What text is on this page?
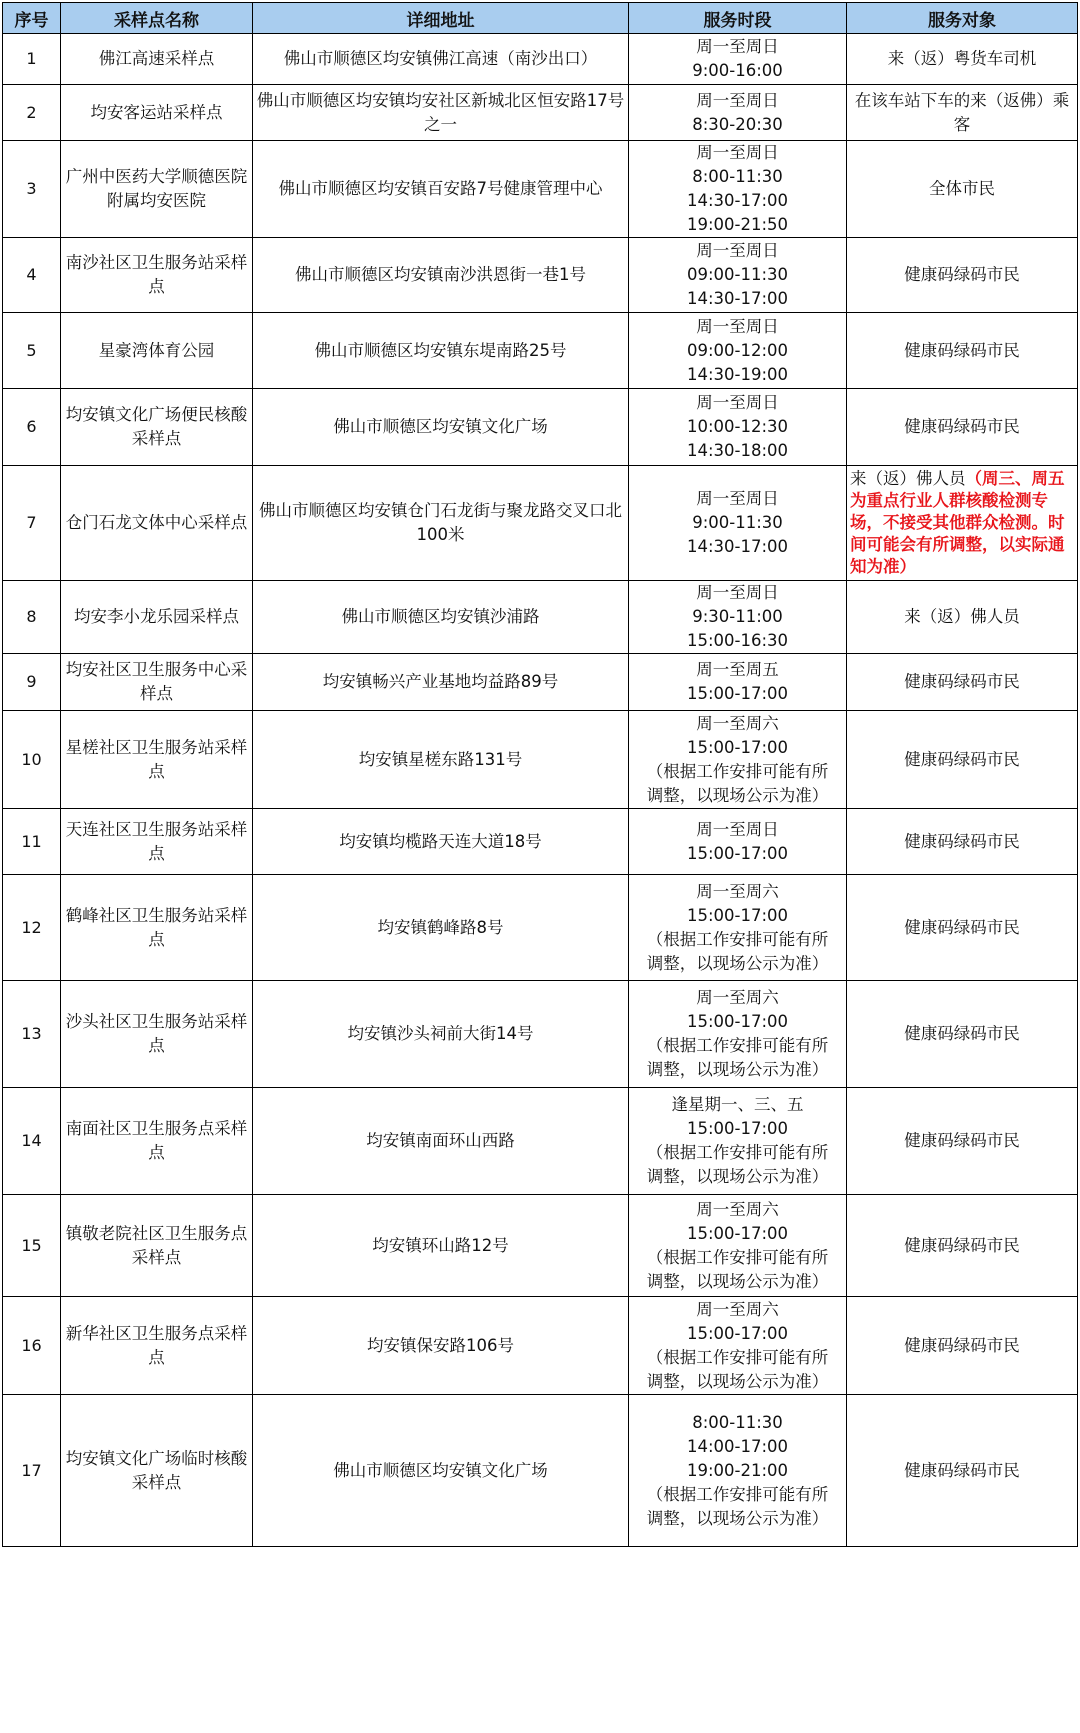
序号	采样点名称	详细地址	服务时段	服务对象
1	佛江高速采样点	佛山市顺德区均安镇佛江高速（南沙出口）	周一至周日
9:00-16:00	来（返）粤货车司机

2	均安客运站采样点	佛山市顺德区均安镇均安社区新城北区恒安路17号之一	周一至周日
8:30-20:30	在该车站下车的来（返佛）乘客

3	广州中医药大学顺德医院附属均安医院	佛山市顺德区均安镇百安路7号健康管理中心	周一至周日
8:00-11:30
14:30-17:00
19:00-21:50	全体市民

4	南沙社区卫生服务站采样点	佛山市顺德区均安镇南沙洪恩街一巷1号	周一至周日
09:00-11:30
14:30-17:00	健康码绿码市民

5	星豪湾体育公园	佛山市顺德区均安镇东堤南路25号	周一至周日
09:00-12:00
14:30-19:00	健康码绿码市民

6	均安镇文化广场便民核酸采样点	佛山市顺德区均安镇文化广场	周一至周日
10:00-12:30
14:30-18:00	健康码绿码市民

7	仓门石龙文体中心采样点	佛山市顺德区均安镇仓门石龙街与聚龙路交叉口北100米	周一至周日
9:00-11:30
14:30-17:00	来（返）佛人员（周三、周五为重点行业人群核酸检测专场，不接受其他群众检测。时间可能会有所调整，以实际通知为准）

8	均安李小龙乐园采样点	佛山市顺德区均安镇沙浦路	周一至周日
9:30-11:00
15:00-16:30	来（返）佛人员

9	均安社区卫生服务中心采样点	均安镇畅兴产业基地均益路89号	周一至周五
15:00-17:00	健康码绿码市民

10	星槎社区卫生服务站采样点	均安镇星槎东路131号	周一至周六
15:00-17:00
（根据工作安排可能有所
调整，以现场公示为准）	健康码绿码市民

11	天连社区卫生服务站采样点	均安镇均榄路天连大道18号	周一至周日
15:00-17:00	健康码绿码市民

12	鹤峰社区卫生服务站采样点	均安镇鹤峰路8号	周一至周六
15:00-17:00
（根据工作安排可能有所
调整，以现场公示为准）	健康码绿码市民

13	沙头社区卫生服务站采样点	均安镇沙头祠前大街14号	周一至周六
15:00-17:00
（根据工作安排可能有所
调整，以现场公示为准）	健康码绿码市民

14	南面社区卫生服务点采样点	均安镇南面环山西路	逢星期一、三、五
15:00-17:00
（根据工作安排可能有所
调整，以现场公示为准）	健康码绿码市民

15	镇敬老院社区卫生服务点采样点	均安镇环山路12号	周一至周六
15:00-17:00
（根据工作安排可能有所
调整，以现场公示为准）	健康码绿码市民

16	新华社区卫生服务点采样点	均安镇保安路106号	周一至周六
15:00-17:00
（根据工作安排可能有所
调整，以现场公示为准）	健康码绿码市民

17	均安镇文化广场临时核酸采样点	佛山市顺德区均安镇文化广场	8:00-11:30
14:00-17:00
19:00-21:00
（根据工作安排可能有所
调整，以现场公示为准）	健康码绿码市民
